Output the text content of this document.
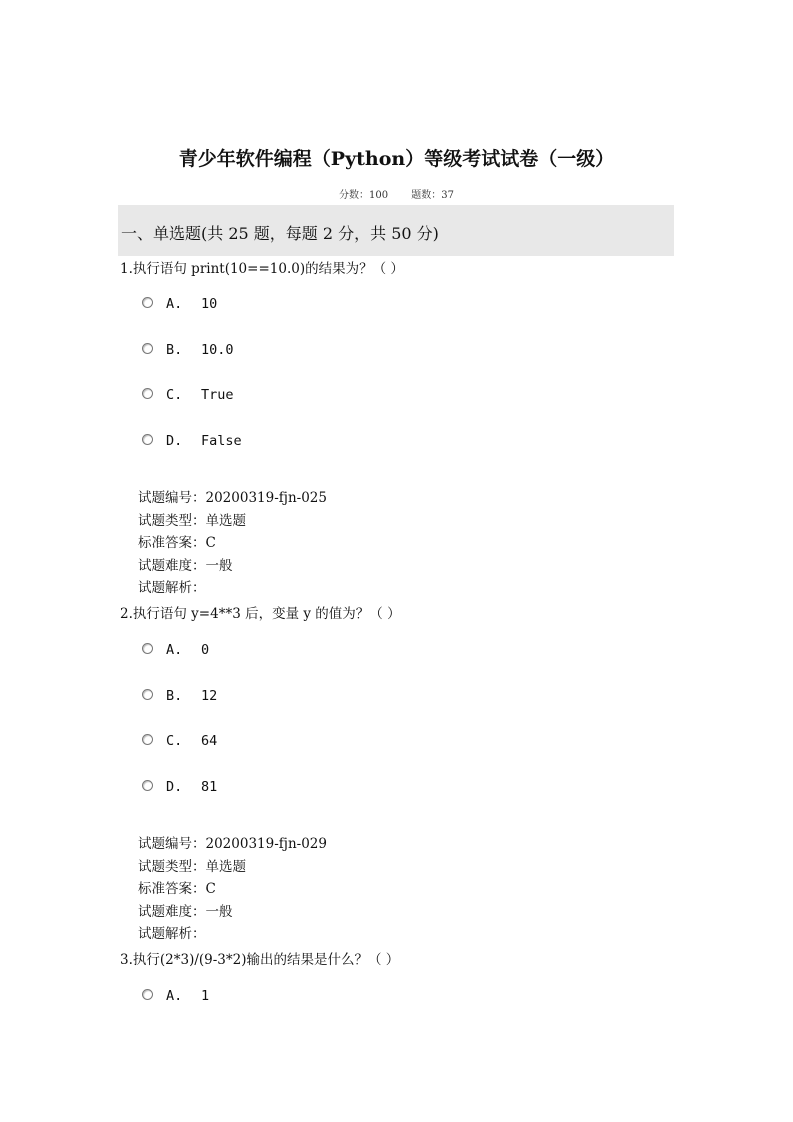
青少年软件编程（Python）等级考试试卷（一级）
分数：100 题数：37
一、单选题(共 25 题，每题 2 分，共 50 分)
1.执行语句 print(10==10.0)的结果为？（ ）
A. 10
B. 10.0
C. True
D. False
试题编号：20200319-fjn-025
试题类型：单选题
标准答案：C
试题难度：一般
试题解析：
2.执行语句 y=4**3 后，变量 y 的值为？（ ）
A. 0
B. 12
C. 64
D. 81
试题编号：20200319-fjn-029
试题类型：单选题
标准答案：C
试题难度：一般
试题解析：
3.执行(2*3)/(9-3*2)输出的结果是什么？（ ）
A. 1
